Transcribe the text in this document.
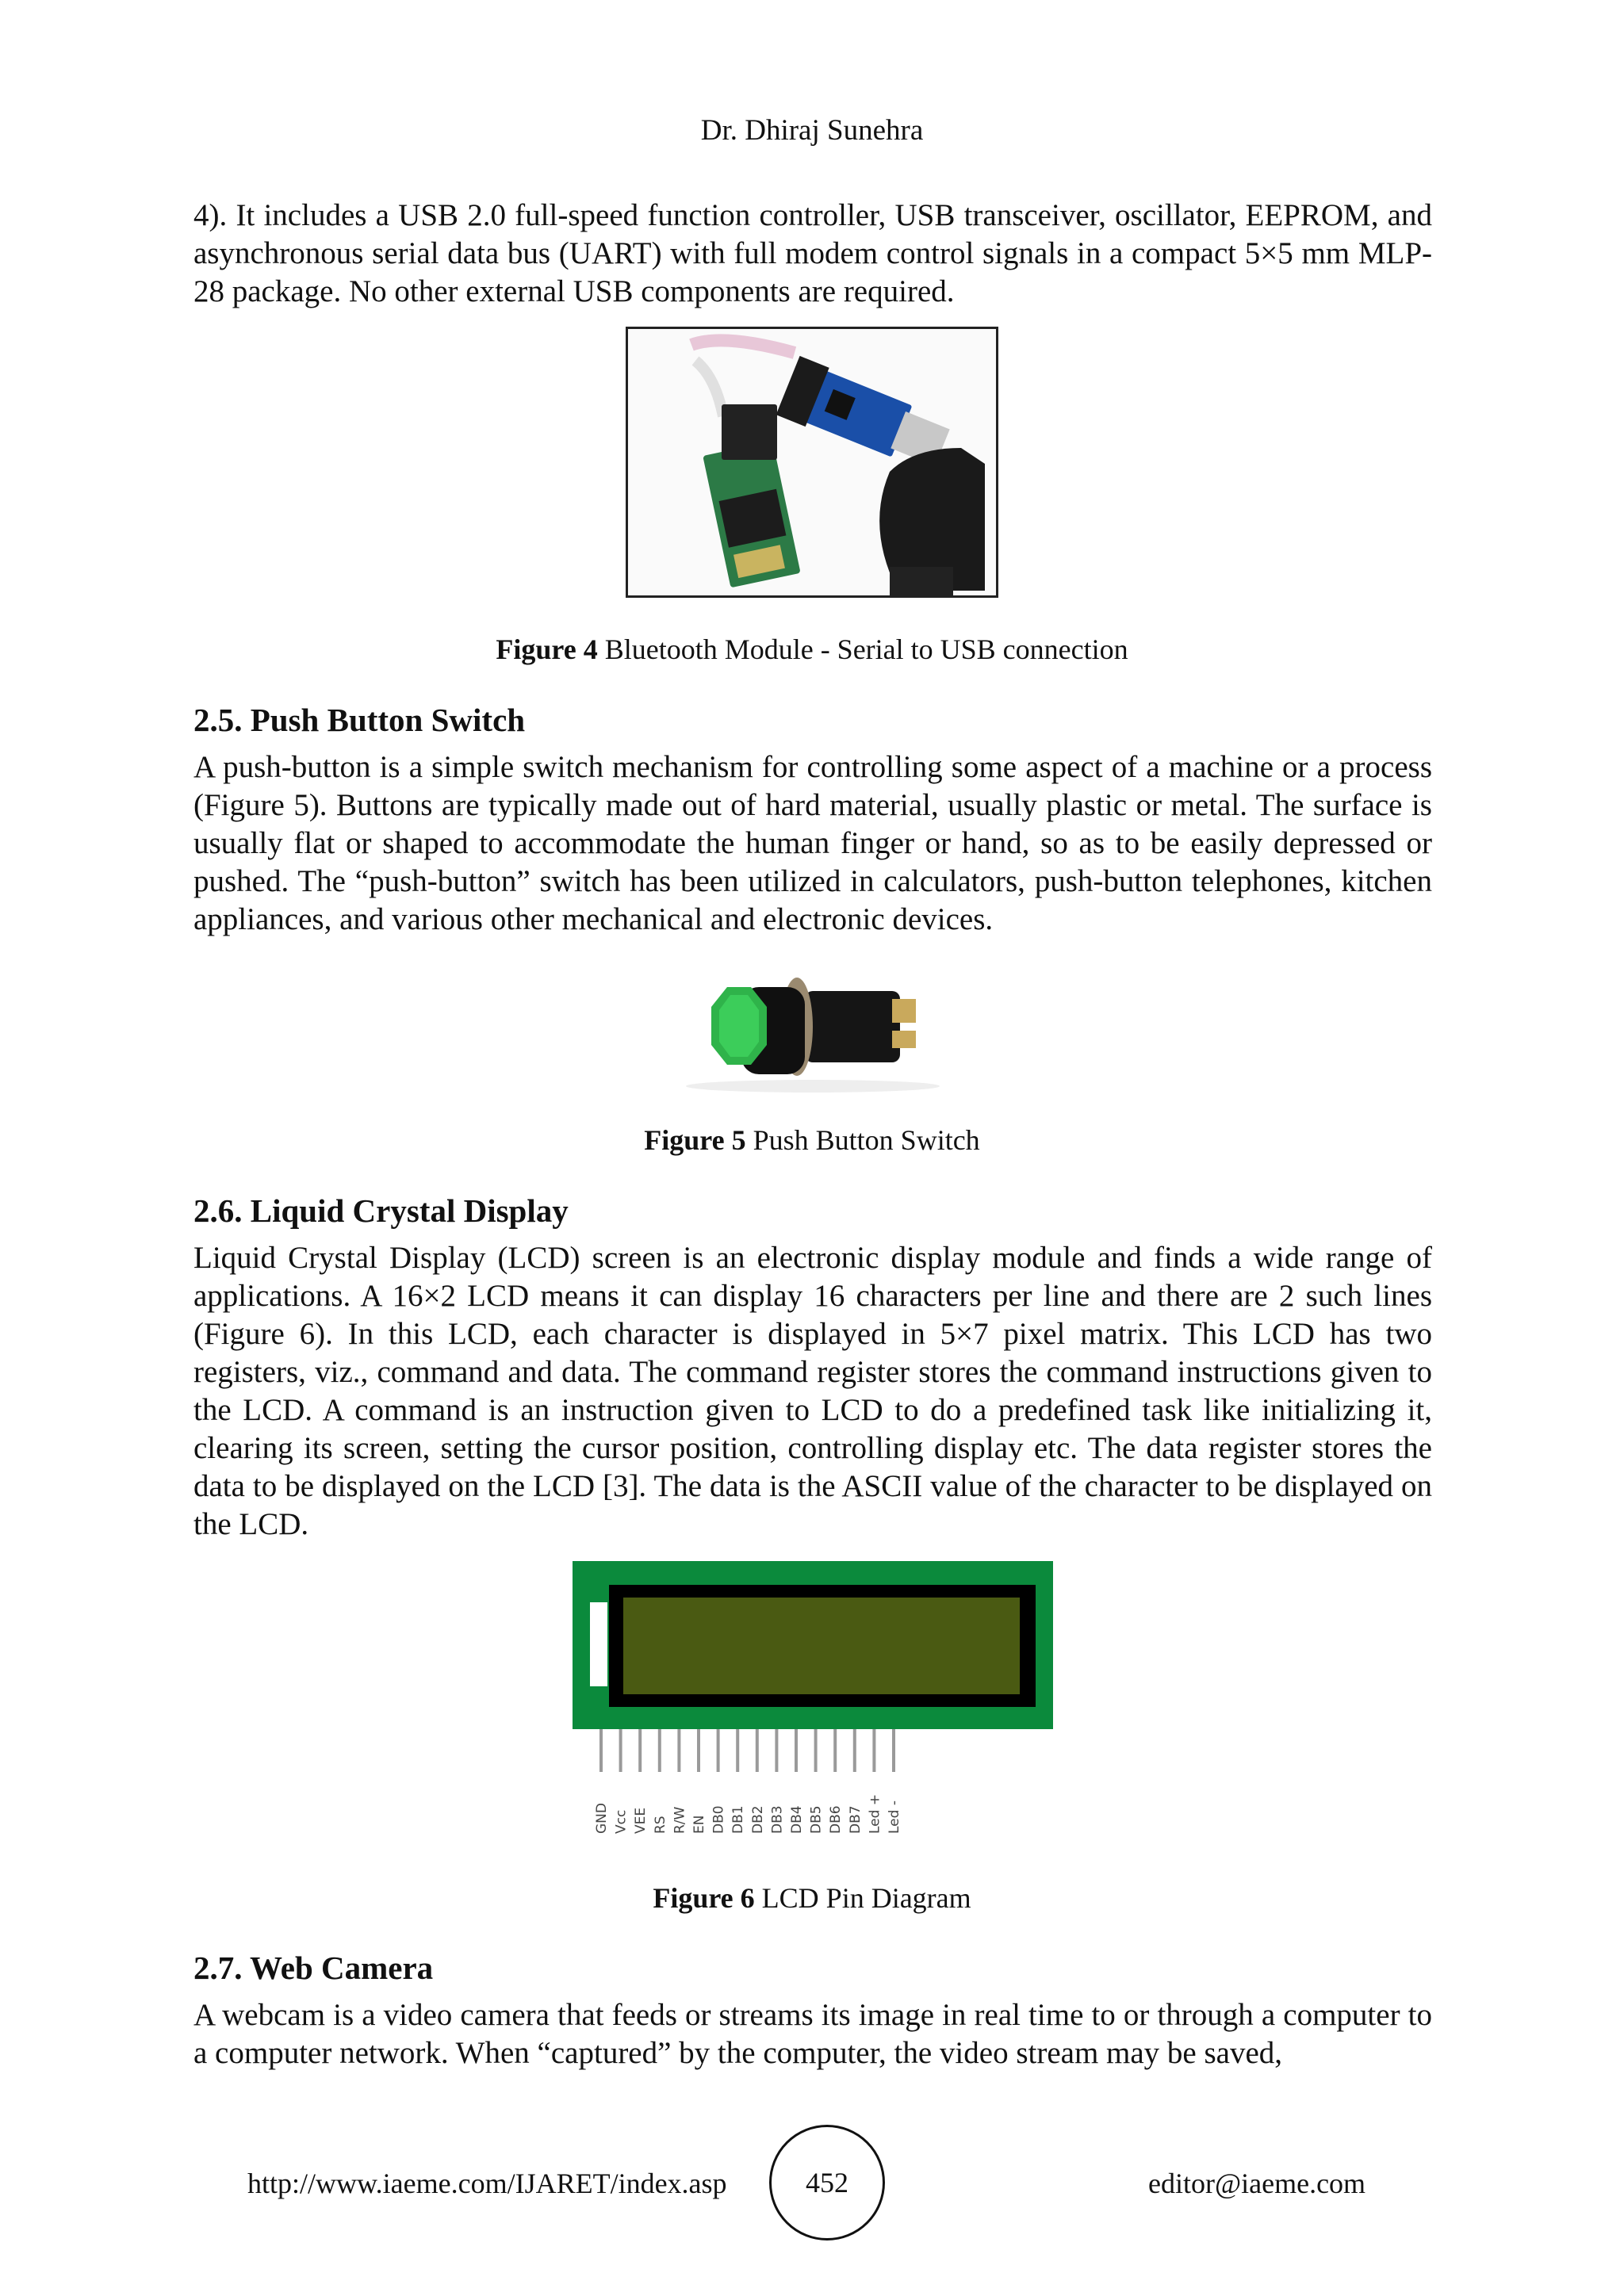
Dr. Dhiraj Sunehra

4). It includes a USB 2.0 full-speed function controller, USB transceiver, oscillator, EEPROM, and asynchronous serial data bus (UART) with full modem control signals in a compact 5×5 mm MLP-28 package. No other external USB components are required.

Figure 4 Bluetooth Module - Serial to USB connection
2.5. Push Button Switch

A push-button is a simple switch mechanism for controlling some aspect of a machine or a process (Figure 5). Buttons are typically made out of hard material, usually plastic or metal. The surface is usually flat or shaped to accommodate the human finger or hand, so as to be easily depressed or pushed. The “push-button” switch has been utilized in calculators, push-button telephones, kitchen appliances, and various other mechanical and electronic devices.

Figure 5 Push Button Switch
2.6. Liquid Crystal Display

Liquid Crystal Display (LCD) screen is an electronic display module and finds a wide range of applications. A 16×2 LCD means it can display 16 characters per line and there are 2 such lines (Figure 6). In this LCD, each character is displayed in 5×7 pixel matrix. This LCD has two registers, viz., command and data. The command register stores the command instructions given to the LCD. A command is an instruction given to LCD to do a predefined task like initializing it, clearing its screen, setting the cursor position, controlling display etc. The data register stores the data to be displayed on the LCD [3]. The data is the ASCII value of the character to be displayed on the LCD.

GND Vcc VEE RS R/W EN DB0 DB1 DB2 DB3 DB4 DB5 DB6 DB7 Led + Led -
Figure 6 LCD Pin Diagram
2.7. Web Camera

A webcam is a video camera that feeds or streams its image in real time to or through a computer to a computer network. When “captured” by the computer, the video stream may be saved,

http://www.iaeme.com/IJARET/index.asp	452	editor@iaeme.com
